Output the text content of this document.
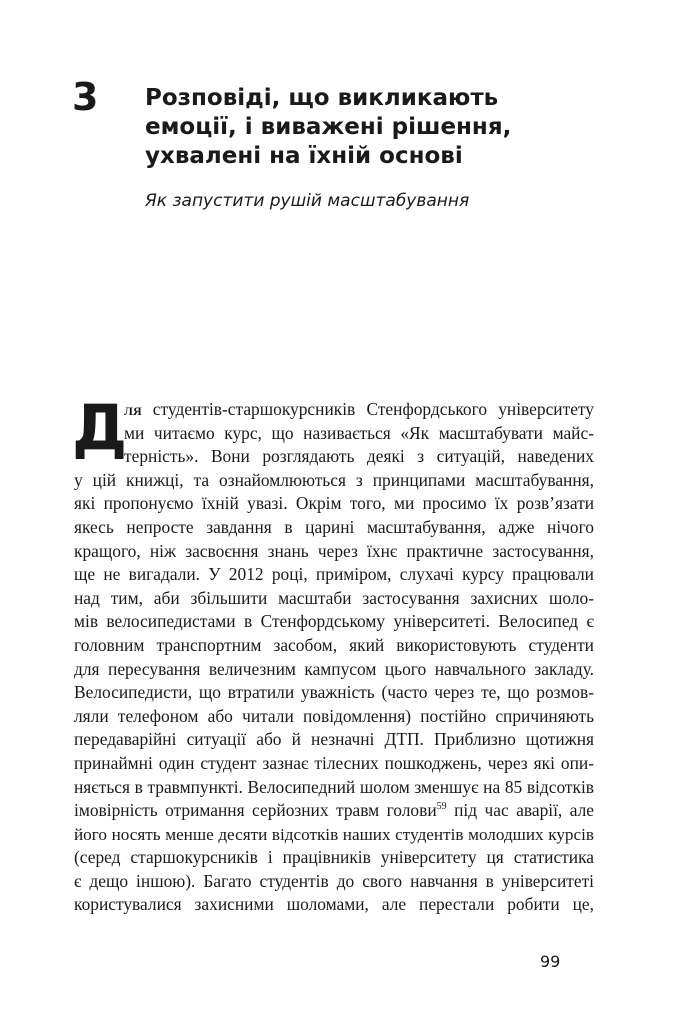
3 Розповіді, що викликають
емоції, і виважені рішення,
ухвалені на їхній основі
Як запустити рушій масштабування
Д
ля студентів-старшокурсників Стенфордського університету
ми читаємо курс, що називається «Як масштабувати майс-
терність». Вони розглядають деякі з ситуацій, наведених
у цій книжці, та ознайомлюються з принципами масштабування,
які пропонуємо їхній увазі. Окрім того, ми просимо їх розв’язати
якесь непросте завдання в царині масштабування, адже нічого
кращого, ніж засвоєння знань через їхнє практичне застосування,
ще не вигадали. У 2012 році, приміром, слухачі курсу працювали
над тим, аби збільшити масштаби застосування захисних шоло-
мів велосипедистами в Стенфордському університеті. Велосипед є
головним транспортним засобом, який використовують студенти
для пересування величезним кампусом цього навчального закладу.
Велосипедисти, що втратили уважність (часто через те, що розмов-
ляли телефоном або читали повідомлення) постійно спричиняють
передаварійні ситуації або й незначні ДТП. Приблизно щотижня
принаймні один студент зазнає тілесних пошкоджень, через які опи-
няється в травмпункті. Велосипедний шолом зменшує на 85 відсотків
імовірність отримання серйозних травм голови$^{59}$ під час аварії, але
його носять менше десяти відсотків наших студентів молодших курсів
(серед старшокурсників і працівників університету ця статистика
є дещо іншою). Багато студентів до свого навчання в університеті
користувалися захисними шоломами, але перестали робити це,
99
